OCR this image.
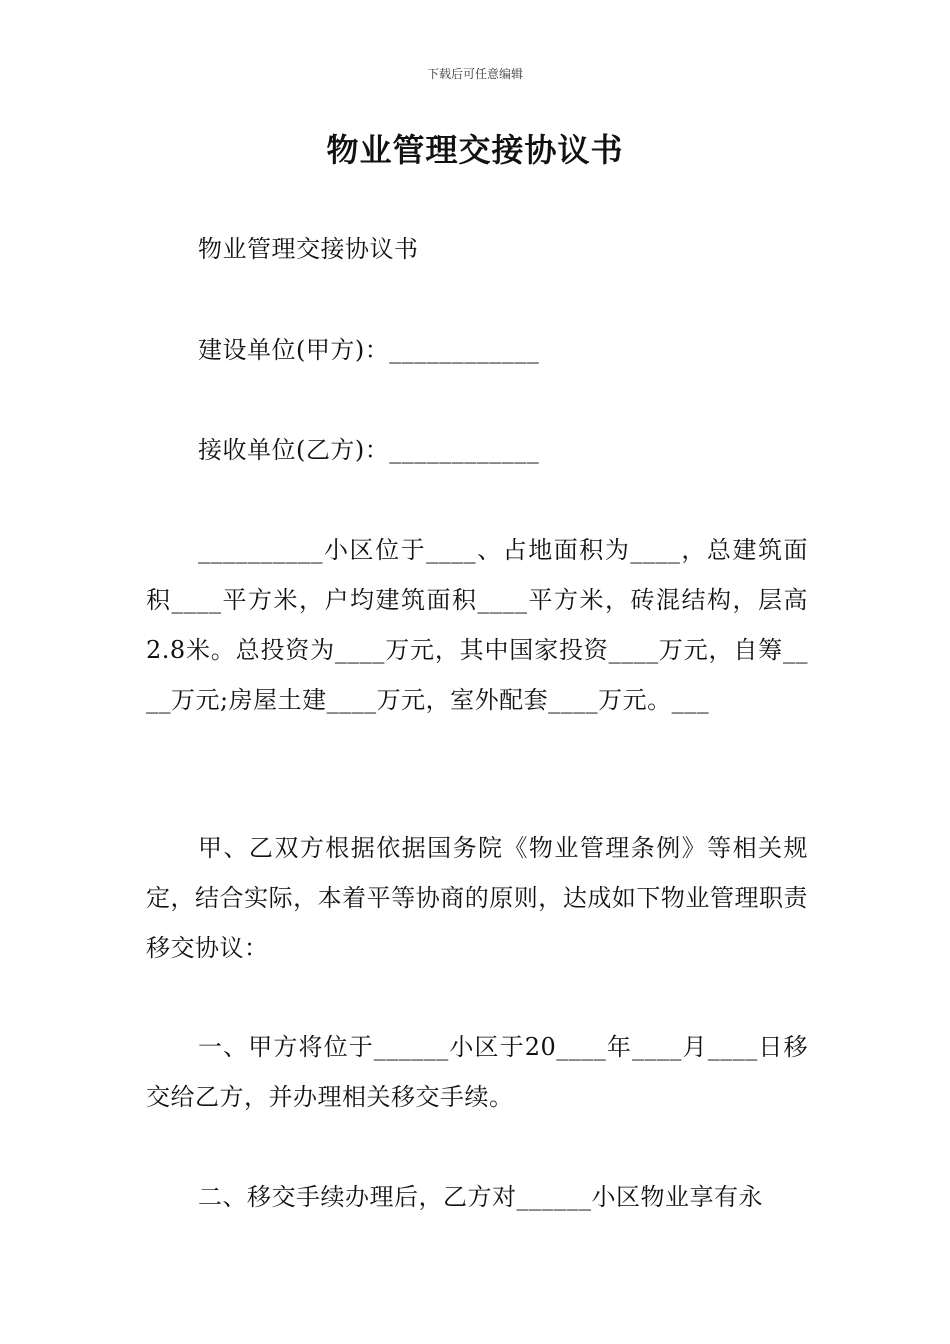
下载后可任意编辑
物业管理交接协议书

物业管理交接协议书

建设单位(甲方)：____________

接收单位(乙方)：____________

__________小区位于____、占地面积为____，总建筑面积____平方米，户均建筑面积____平方米，砖混结构，层高2.8米。总投资为____万元，其中国家投资____万元，自筹____万元;房屋土建____万元，室外配套____万元。___

甲、乙双方根据依据国务院《物业管理条例》等相关规定，结合实际，本着平等协商的原则，达成如下物业管理职责移交协议：

一、甲方将位于______小区于20____年____月____日移交给乙方，并办理相关移交手续。

二、移交手续办理后，乙方对______小区物业享有永
